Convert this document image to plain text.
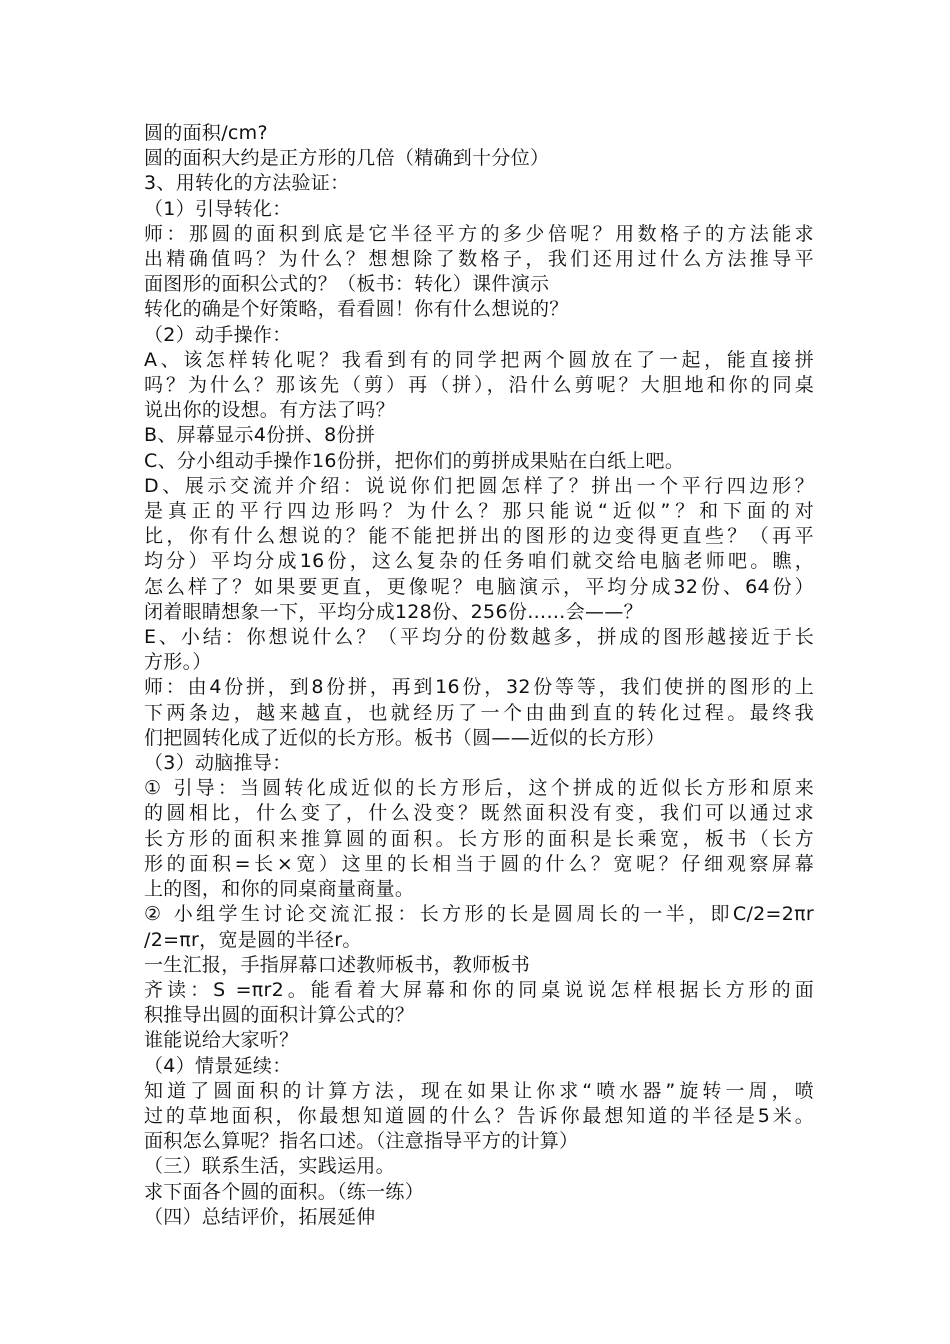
圆的面积/cm?
圆的面积大约是正方形的几倍（精确到十分位）
3、用转化的方法验证：
（1）引导转化：
师：那圆的面积到底是它半径平方的多少倍呢？用数格子的方法能求
出精确值吗？为什么？想想除了数格子，我们还用过什么方法推导平
面图形的面积公式的？（板书：转化）课件演示
转化的确是个好策略，看看圆！你有什么想说的？
（2）动手操作：
A、该怎样转化呢？我看到有的同学把两个圆放在了一起，能直接拼
吗？为什么？那该先（剪）再（拼），沿什么剪呢？大胆地和你的同桌
说出你的设想。有方法了吗？
B、屏幕显示4份拼、8份拼
C、分小组动手操作16份拼，把你们的剪拼成果贴在白纸上吧。
D、展示交流并介绍：说说你们把圆怎样了？拼出一个平行四边形？
是真正的平行四边形吗？为什么？那只能说“近似”？和下面的对
比，你有什么想说的？能不能把拼出的图形的边变得更直些？（再平
均分）平均分成16份，这么复杂的任务咱们就交给电脑老师吧。瞧，
怎么样了？如果要更直，更像呢？电脑演示，平均分成32份、64份）
闭着眼睛想象一下，平均分成128份、256份……会——？
E、小结：你想说什么？（平均分的份数越多，拼成的图形越接近于长
方形。）
师：由4份拼，到8份拼，再到16份，32份等等，我们使拼的图形的上
下两条边，越来越直，也就经历了一个由曲到直的转化过程。最终我
们把圆转化成了近似的长方形。板书（圆——近似的长方形）
（3）动脑推导：
① 引导：当圆转化成近似的长方形后，这个拼成的近似长方形和原来
的圆相比，什么变了，什么没变？既然面积没有变，我们可以通过求
长方形的面积来推算圆的面积。长方形的面积是长乘宽，板书（长方
形的面积=长×宽）这里的长相当于圆的什么？宽呢？仔细观察屏幕
上的图，和你的同桌商量商量。
② 小组学生讨论交流汇报：长方形的长是圆周长的一半，即C/2=2πr
/2=πr，宽是圆的半径r。
一生汇报，手指屏幕口述教师板书，教师板书
齐读：S =πr2。能看着大屏幕和你的同桌说说怎样根据长方形的面
积推导出圆的面积计算公式的？
谁能说给大家听？
（4）情景延续：
知道了圆面积的计算方法，现在如果让你求“喷水器”旋转一周，喷
过的草地面积，你最想知道圆的什么？告诉你最想知道的半径是5米。
面积怎么算呢？指名口述。（注意指导平方的计算）
（三）联系生活，实践运用。
求下面各个圆的面积。（练一练）
（四）总结评价，拓展延伸
